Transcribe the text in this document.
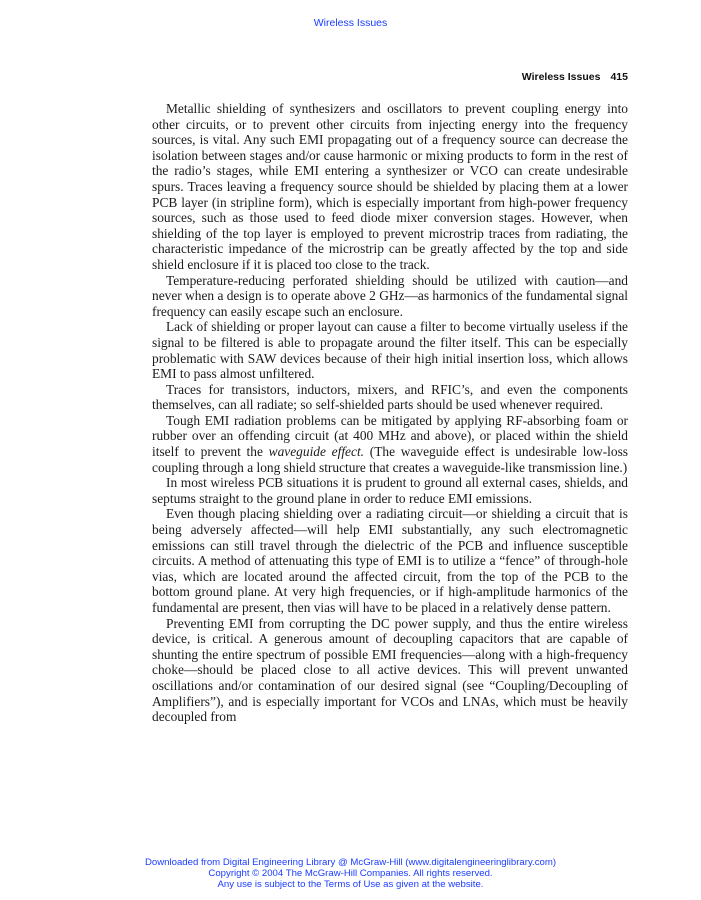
Wireless Issues
Wireless Issues 415

Metallic shielding of synthesizers and oscillators to prevent coupling energy into other circuits, or to prevent other circuits from injecting energy into the frequency sources, is vital. Any such EMI propagating out of a frequency source can decrease the isolation between stages and/or cause harmonic or mixing products to form in the rest of the radio’s stages, while EMI entering a synthesizer or VCO can create undesirable spurs. Traces leaving a frequency source should be shielded by placing them at a lower PCB layer (in stripline form), which is especially important from high-power frequency sources, such as those used to feed diode mixer conversion stages. However, when shielding of the top layer is employed to prevent microstrip traces from radiating, the characteristic impedance of the microstrip can be greatly affected by the top and side shield enclosure if it is placed too close to the track.

Temperature-reducing perforated shielding should be utilized with caution—and never when a design is to operate above 2 GHz—as harmonics of the fundamental signal frequency can easily escape such an enclosure.

Lack of shielding or proper layout can cause a filter to become virtually useless if the signal to be filtered is able to propagate around the filter itself. This can be especially problematic with SAW devices because of their high initial insertion loss, which allows EMI to pass almost unfiltered.

Traces for transistors, inductors, mixers, and RFIC’s, and even the components themselves, can all radiate; so self-shielded parts should be used whenever required.

Tough EMI radiation problems can be mitigated by applying RF-absorbing foam or rubber over an offending circuit (at 400 MHz and above), or placed within the shield itself to prevent the waveguide effect. (The waveguide effect is undesirable low-loss coupling through a long shield structure that creates a waveguide-like transmission line.)

In most wireless PCB situations it is prudent to ground all external cases, shields, and septums straight to the ground plane in order to reduce EMI emissions.

Even though placing shielding over a radiating circuit—or shielding a circuit that is being adversely affected—will help EMI substantially, any such electromagnetic emissions can still travel through the dielectric of the PCB and influence susceptible circuits. A method of attenuating this type of EMI is to utilize a “fence” of through-hole vias, which are located around the affected circuit, from the top of the PCB to the bottom ground plane. At very high frequencies, or if high-amplitude harmonics of the fundamental are present, then vias will have to be placed in a relatively dense pattern.

Preventing EMI from corrupting the DC power supply, and thus the entire wireless device, is critical. A generous amount of decoupling capacitors that are capable of shunting the entire spectrum of possible EMI frequencies—along with a high-frequency choke—should be placed close to all active devices. This will prevent unwanted oscillations and/or contamination of our desired signal (see “Coupling/Decoupling of Amplifiers”), and is especially important for VCOs and LNAs, which must be heavily decoupled from

Downloaded from Digital Engineering Library @ McGraw-Hill (www.digitalengineeringlibrary.com)
Copyright © 2004 The McGraw-Hill Companies. All rights reserved.
Any use is subject to the Terms of Use as given at the website.
